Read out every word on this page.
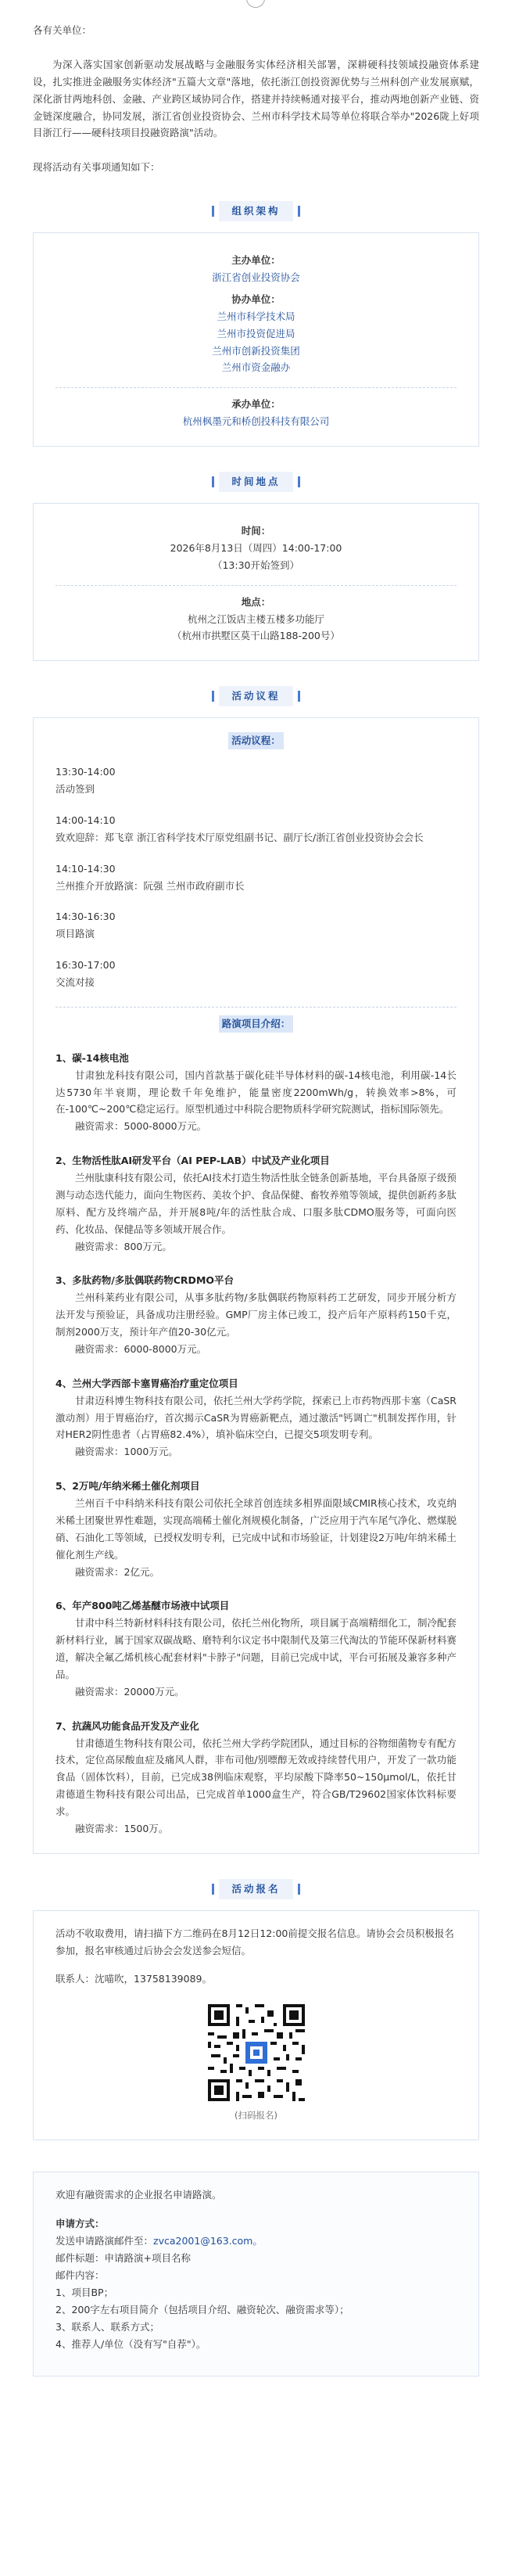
各有关单位：
为深入落实国家创新驱动发展战略与金融服务实体经济相关部署，深耕硬科技领域投融资体系建设，扎实推进金融服务实体经济"五篇大文章"落地，依托浙江创投资源优势与兰州科创产业发展禀赋，深化浙甘两地科创、金融、产业跨区域协同合作，搭建并持续畅通对接平台，推动两地创新产业链、资金链深度融合，协同发展，浙江省创业投资协会、兰州市科学技术局等单位将联合举办"2026陇上好项目浙江行——硬科技项目投融资路演"活动。
现将活动有关事项通知如下：
组织架构
主办单位：
浙江省创业投资协会
协办单位：
兰州市科学技术局
兰州市投资促进局
兰州市创新投资集团
兰州市资金融办
承办单位：
杭州枫墨元和桥创投科技有限公司
时间地点
时间：
2026年8月13日（周四）14:00-17:00
（13:30开始签到）
地点：
杭州之江饭店主楼五楼多功能厅
（杭州市拱墅区莫干山路188-200号）
活动议程
活动议程：
13:30-14:00
活动签到
14:00-14:10
致欢迎辞：郑飞章 浙江省科学技术厅原党组副书记、副厅长/浙江省创业投资协会会长
14:10-14:30
兰州推介开放路演：阮强 兰州市政府副市长
14:30-16:30
项目路演
16:30-17:00
交流对接
路演项目介绍：
1、碳-14核电池
甘肃独龙科技有限公司，国内首款基于碳化硅半导体材料的碳-14核电池，利用碳-14长达5730年半衰期，理论数千年免维护，能量密度2200mWh/g，转换效率>8%，可在-100℃~200℃稳定运行。原型机通过中科院合肥物质科学研究院测试，指标国际领先。
融资需求：5000-8000万元。
2、生物活性肽AI研发平台（AI PEP-LAB）中试及产业化项目
兰州肽康科技有限公司，依托AI技术打造生物活性肽全链条创新基地，平台具备原子级预测与动态迭代能力，面向生物医药、美妆个护、食品保健、畜牧养殖等领域，提供创新药多肽原料、配方及终端产品，并开展8吨/年的活性肽合成、口服多肽CDMO服务等，可面向医药、化妆品、保健品等多领域开展合作。
融资需求：800万元。
3、多肽药物/多肽偶联药物CRDMO平台
兰州科莱药业有限公司，从事多肽药物/多肽偶联药物原料药工艺研发，同步开展分析方法开发与预验证，具备成功注册经验。GMP厂房主体已竣工，投产后年产原料药150千克，制剂2000万支，预计年产值20-30亿元。
融资需求：6000-8000万元。
4、兰州大学西部卡塞胃癌治疗重定位项目
甘肃迈科博生物科技有限公司，依托兰州大学药学院，探索已上市药物西那卡塞（CaSR激动剂）用于胃癌治疗，首次揭示CaSR为胃癌新靶点，通过激活"钙调亡"机制发挥作用，针对HER2阴性患者（占胃癌82.4%），填补临床空白，已提交5项发明专利。
融资需求：1000万元。
5、2万吨/年纳米稀土催化剂项目
兰州百千中科纳米科技有限公司依托全球首创连续多相界面限域CMIR核心技术，攻克纳米稀土团聚世界性难题，实现高端稀土催化剂规模化制备，广泛应用于汽车尾气净化、燃煤脱硝、石油化工等领域，已授权发明专利，已完成中试和市场验证，计划建设2万吨/年纳米稀土催化剂生产线。
融资需求：2亿元。
6、年产800吨乙烯基醚市场液中试项目
甘肃中科兰特新材料科技有限公司，依托兰州化物所，项目属于高端精细化工，制冷配套新材料行业，属于国家双碳战略、磨特利尔议定书中限制代及第三代淘汰的节能环保新材料赛道，解决全氟乙烯机核心配套材料"卡脖子"问题，目前已完成中试，平台可拓展及兼容多种产品。
融资需求：20000万元。
7、抗蔬风功能食品开发及产业化
甘肃德道生物科技有限公司，依托兰州大学药学院团队，通过目标的谷物细菌物专有配方技术，定位高尿酸血症及痛风人群，非布司他/别嘌醇无效或持续替代用户，开发了一款功能食品（固体饮料），目前，已完成38例临床观察，平均尿酸下降率50~150μmol/L，依托甘肃德道生物科技有限公司出品，已完成首单1000盒生产，符合GB/T29602国家体饮料标要求。
融资需求：1500万。
活动报名
活动不收取费用，请扫描下方二维码在8月12日12:00前提交报名信息。请协会会员积极报名参加，报名审核通过后协会会发送参会短信。
联系人：沈喵吹，13758139089。
(扫码报名)
欢迎有融资需求的企业报名申请路演。
申请方式：
发送申请路演邮件至：zvca2001@163.com。
邮件标题：申请路演+项目名称
邮件内容：
1、项目BP；
2、200字左右项目简介（包括项目介绍、融资轮次、融资需求等）；
3、联系人、联系方式；
4、推荐人/单位（没有写"自荐"）。
